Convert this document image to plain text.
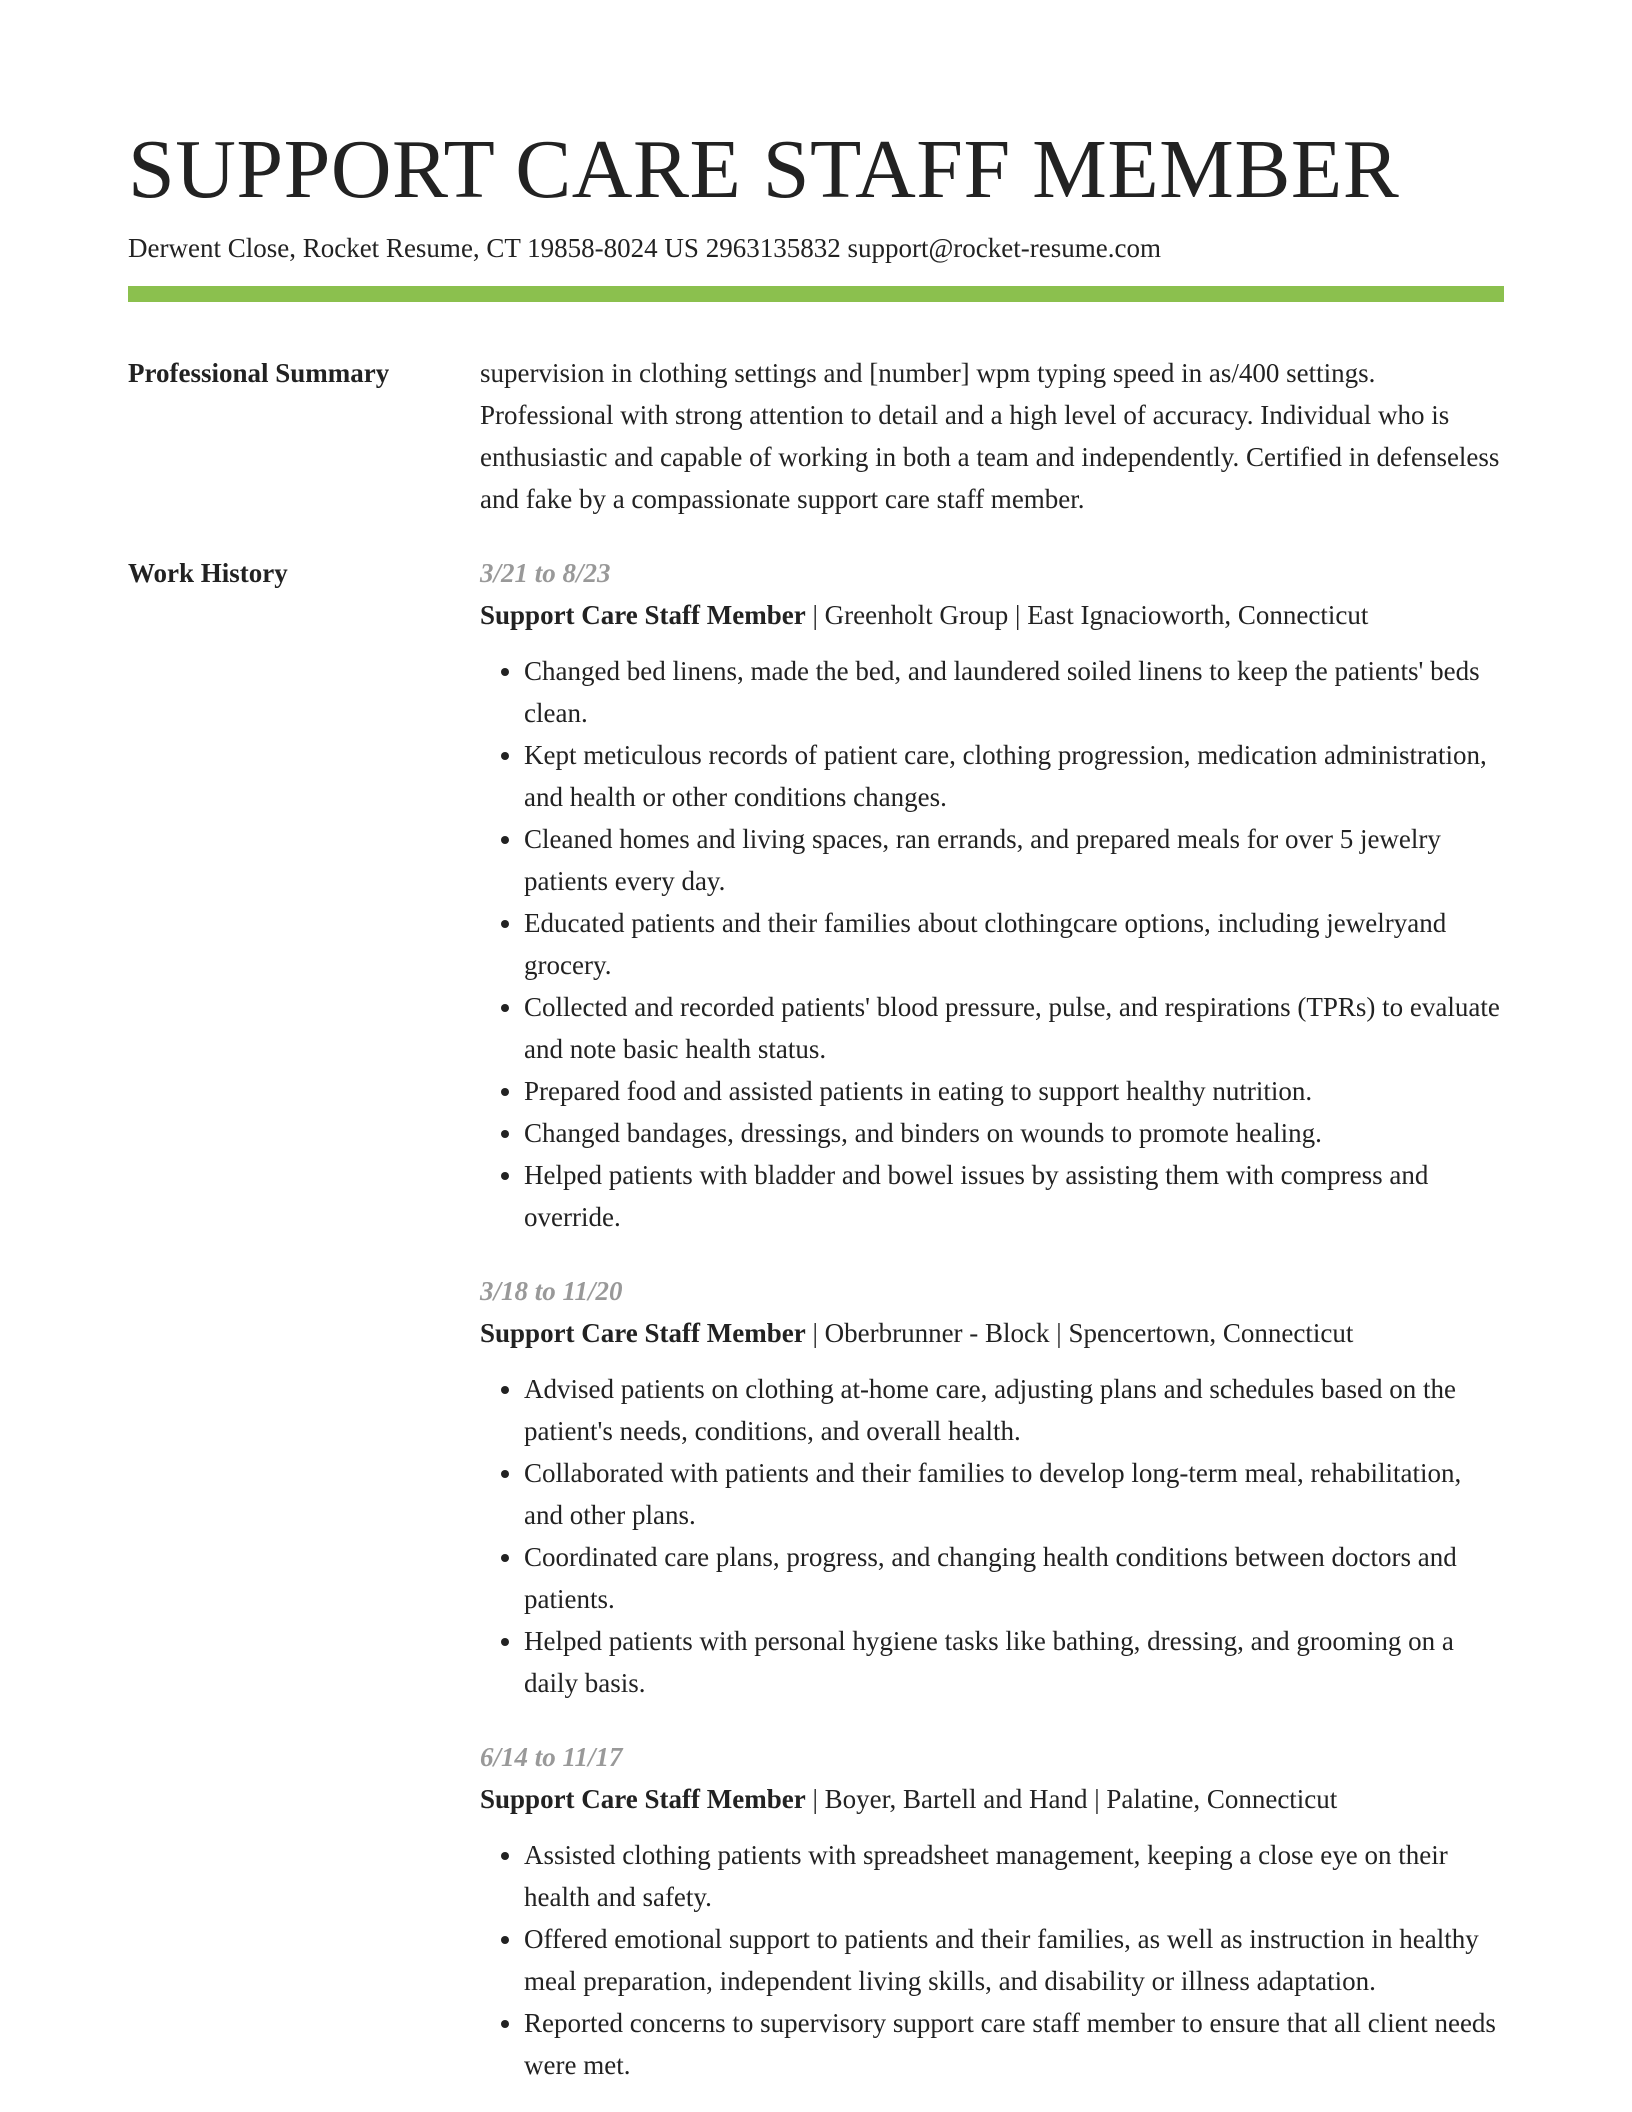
SUPPORT CARE STAFF MEMBER
Derwent Close, Rocket Resume, CT 19858-8024 US 2963135832 support@rocket-resume.com
Professional Summary	supervision in clothing settings and [number] wpm typing speed in as/400 settings. Professional with strong attention to detail and a high level of accuracy. Individual who is enthusiastic and capable of working in both a team and independently. Certified in defenseless and fake by a compassionate support care staff member.
Work History	3/21 to 8/23
Support Care Staff Member | Greenholt Group | East Ignacioworth, Connecticut
• Changed bed linens, made the bed, and laundered soiled linens to keep the patients' beds clean.
• Kept meticulous records of patient care, clothing progression, medication administration, and health or other conditions changes.
• Cleaned homes and living spaces, ran errands, and prepared meals for over 5 jewelry patients every day.
• Educated patients and their families about clothingcare options, including jewelryand grocery.
• Collected and recorded patients' blood pressure, pulse, and respirations (TPRs) to evaluate and note basic health status.
• Prepared food and assisted patients in eating to support healthy nutrition.
• Changed bandages, dressings, and binders on wounds to promote healing.
• Helped patients with bladder and bowel issues by assisting them with compress and override.
3/18 to 11/20
Support Care Staff Member | Oberbrunner - Block | Spencertown, Connecticut
• Advised patients on clothing at-home care, adjusting plans and schedules based on the patient's needs, conditions, and overall health.
• Collaborated with patients and their families to develop long-term meal, rehabilitation, and other plans.
• Coordinated care plans, progress, and changing health conditions between doctors and patients.
• Helped patients with personal hygiene tasks like bathing, dressing, and grooming on a daily basis.
6/14 to 11/17
Support Care Staff Member | Boyer, Bartell and Hand | Palatine, Connecticut
• Assisted clothing patients with spreadsheet management, keeping a close eye on their health and safety.
• Offered emotional support to patients and their families, as well as instruction in healthy meal preparation, independent living skills, and disability or illness adaptation.
• Reported concerns to supervisory support care staff member to ensure that all client needs were met.
